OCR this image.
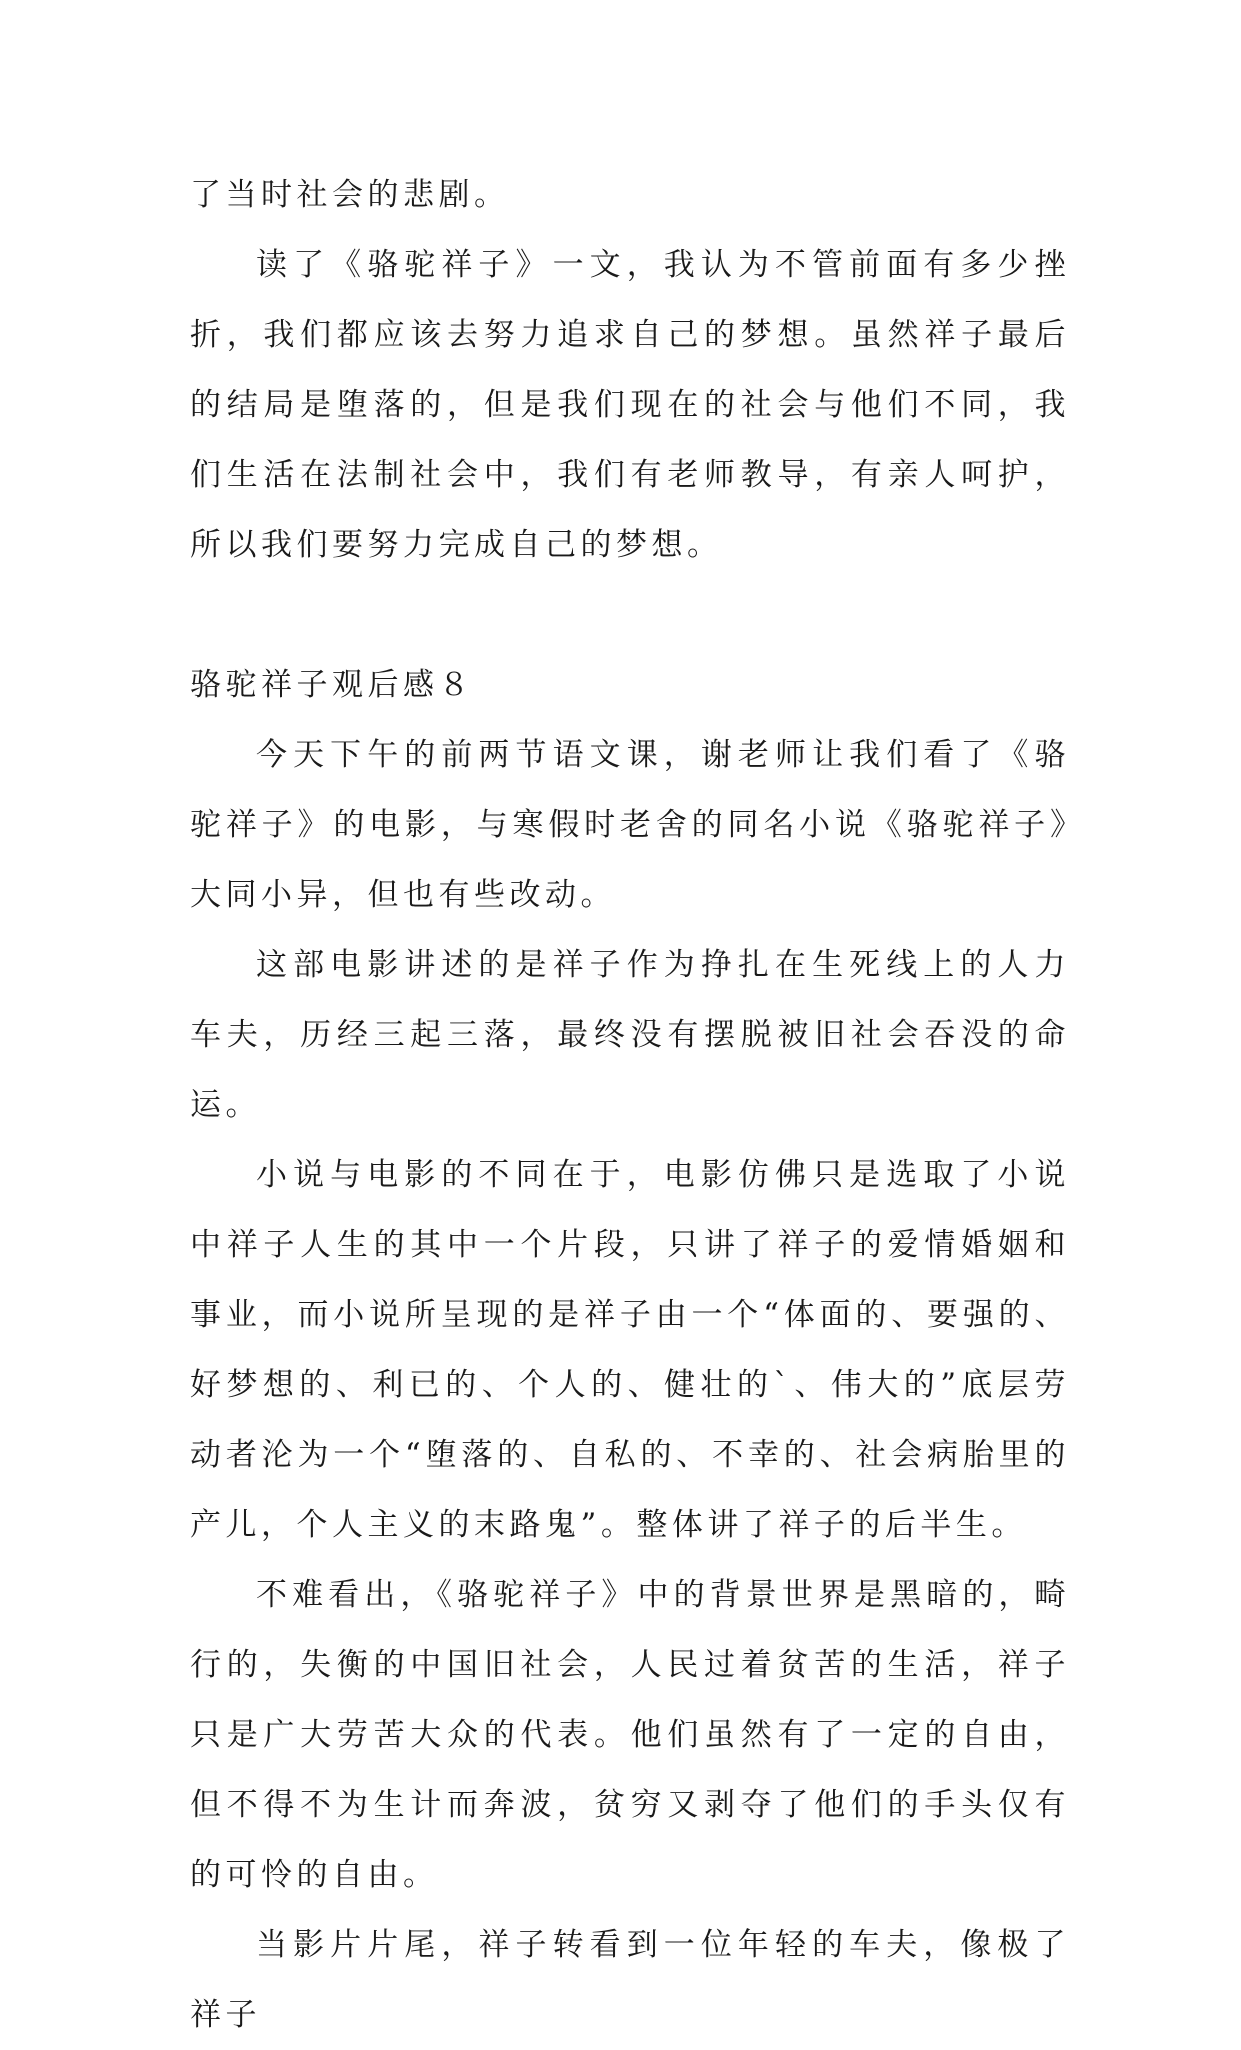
了当时社会的悲剧。

读了《骆驼祥子》一文，我认为不管前面有多少挫折，我们都应该去努力追求自己的梦想。虽然祥子最后的结局是堕落的，但是我们现在的社会与他们不同，我们生活在法制社会中，我们有老师教导，有亲人呵护，所以我们要努力完成自己的梦想。

骆驼祥子观后感８

今天下午的前两节语文课，谢老师让我们看了《骆驼祥子》的电影，与寒假时老舍的同名小说《骆驼祥子》大同小异，但也有些改动。

这部电影讲述的是祥子作为挣扎在生死线上的人力车夫，历经三起三落，最终没有摆脱被旧社会吞没的命运。

小说与电影的不同在于，电影仿佛只是选取了小说中祥子人生的其中一个片段，只讲了祥子的爱情婚姻和事业，而小说所呈现的是祥子由一个“体面的、要强的、好梦想的、利已的、个人的、健壮的`、伟大的”底层劳动者沦为一个“堕落的、自私的、不幸的、社会病胎里的产儿，个人主义的末路鬼”。整体讲了祥子的后半生。

不难看出，《骆驼祥子》中的背景世界是黑暗的，畸行的，失衡的中国旧社会，人民过着贫苦的生活，祥子只是广大劳苦大众的代表。他们虽然有了一定的自由，但不得不为生计而奔波，贫穷又剥夺了他们的手头仅有的可怜的自由。

当影片片尾，祥子转看到一位年轻的车夫，像极了祥子
